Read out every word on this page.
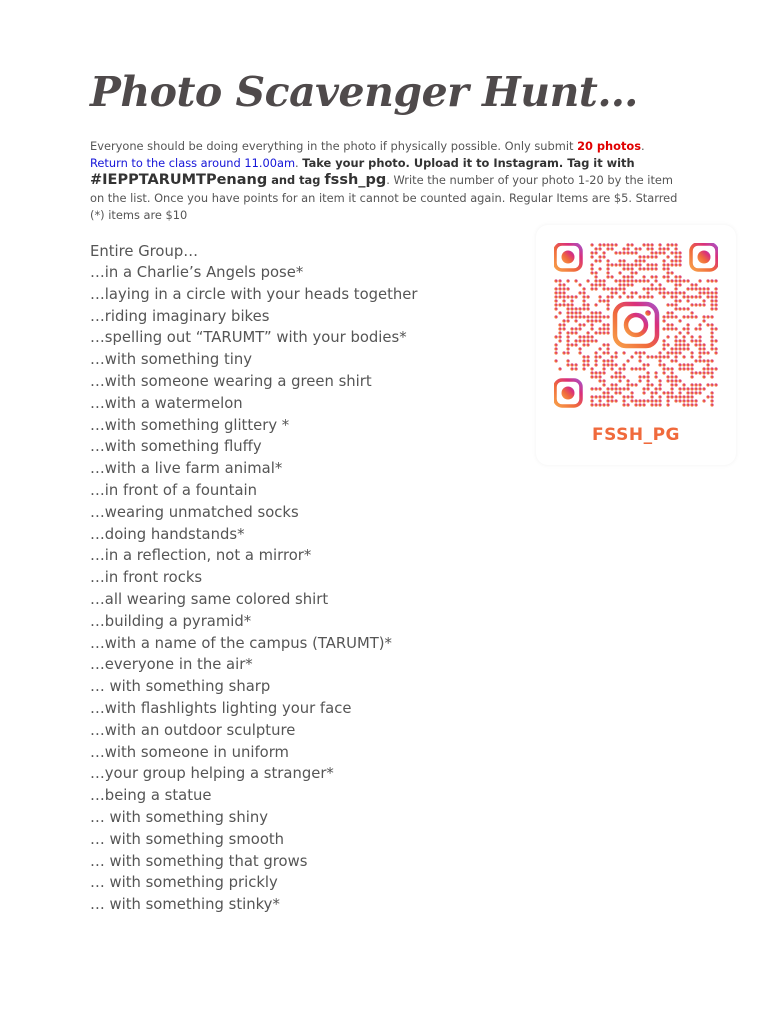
Photo Scavenger Hunt…
Everyone should be doing everything in the photo if physically possible. Only submit 20 photos.
Return to the class around 11.00am. Take your photo. Upload it to Instagram. Tag it with
#IEPPTARUMTPenang and tag fssh_pg. Write the number of your photo 1-20 by the item on the list. Once you have points for an item it cannot be counted again. Regular Items are $5. Starred (*) items are $10

Entire Group…

…in a Charlie’s Angels pose*
…laying in a circle with your heads together
…riding imaginary bikes
…spelling out “TARUMT” with your bodies*
…with something tiny
…with someone wearing a green shirt
…with a watermelon
…with something glittery *
…with something fluffy
…with a live farm animal*
…in front of a fountain
…wearing unmatched socks
…doing handstands*
…in a reflection, not a mirror*
…in front rocks
…all wearing same colored shirt
…building a pyramid*
…with a name of the campus (TARUMT)*
…everyone in the air*
… with something sharp
…with flashlights lighting your face
…with an outdoor sculpture
…with someone in uniform
…your group helping a stranger*
…being a statue
… with something shiny
… with something smooth
… with something that grows
… with something prickly
… with something stinky*
FSSH_PG
